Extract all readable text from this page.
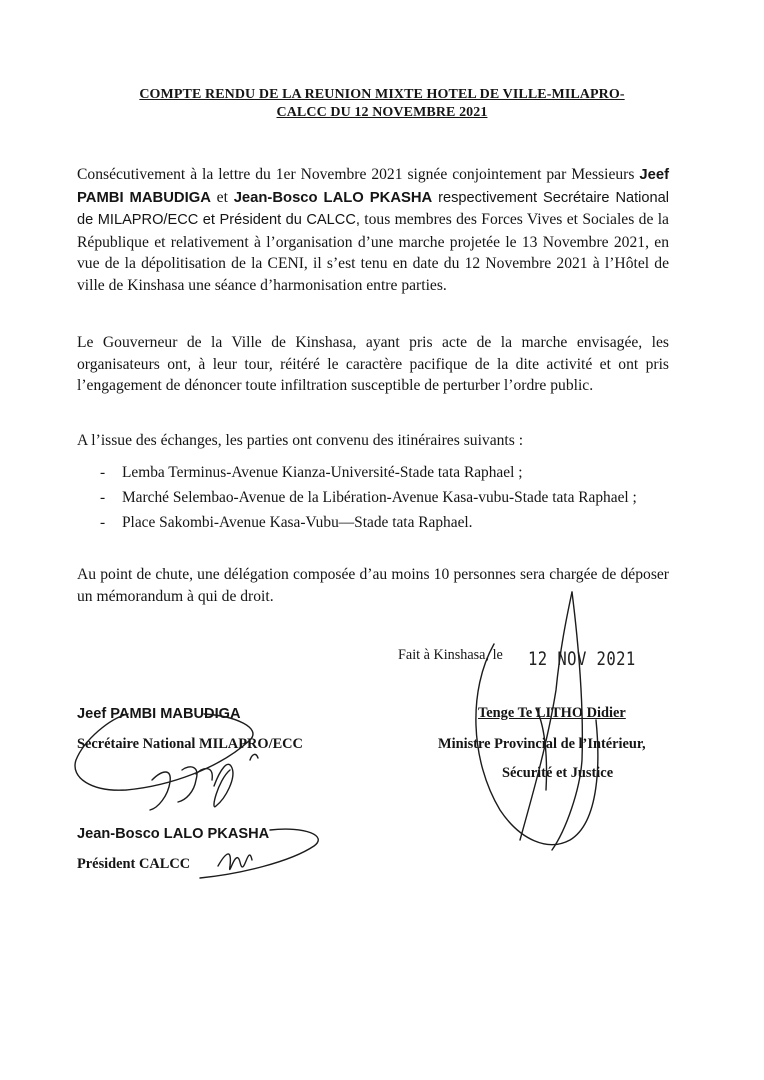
COMPTE RENDU DE LA REUNION MIXTE HOTEL DE VILLE-MILAPRO-
CALCC DU 12 NOVEMBRE 2021
Consécutivement à la lettre du 1er Novembre 2021 signée conjointement par Messieurs Jeef PAMBI MABUDIGA et Jean-Bosco LALO PKASHA respectivement Secrétaire National de MILAPRO/ECC et Président du CALCC, tous membres des Forces Vives et Sociales de la République et relativement à l’organisation d’une marche projetée le 13 Novembre 2021, en vue de la dépolitisation de la CENI, il s’est tenu en date du 12 Novembre 2021 à l’Hôtel de ville de Kinshasa une séance d’harmonisation entre parties.
Le Gouverneur de la Ville de Kinshasa, ayant pris acte de la marche envisagée, les organisateurs ont, à leur tour, réitéré le caractère pacifique de la dite activité et ont pris l’engagement de dénoncer toute infiltration susceptible de perturber l’ordre public.
A l’issue des échanges, les parties ont convenu des itinéraires suivants :
-	Lemba Terminus-Avenue Kianza-Université-Stade tata Raphael ;
-	Marché Selembao-Avenue de la Libération-Avenue Kasa-vubu-Stade tata Raphael ;
-	Place Sakombi-Avenue Kasa-Vubu—Stade tata Raphael.
Au point de chute, une délégation composée d’au moins 10 personnes sera chargée de déposer un mémorandum à qui de droit.
Fait à Kinshasa, le 12 NOV 2021
Jeef PAMBI MABUDIGA
Secrétaire National MILAPRO/ECC
Jean-Bosco LALO PKASHA
Président CALCC
Tenge Te LITHO Didier
Ministre Provincial de l’Intérieur,
Sécurité et Justice
